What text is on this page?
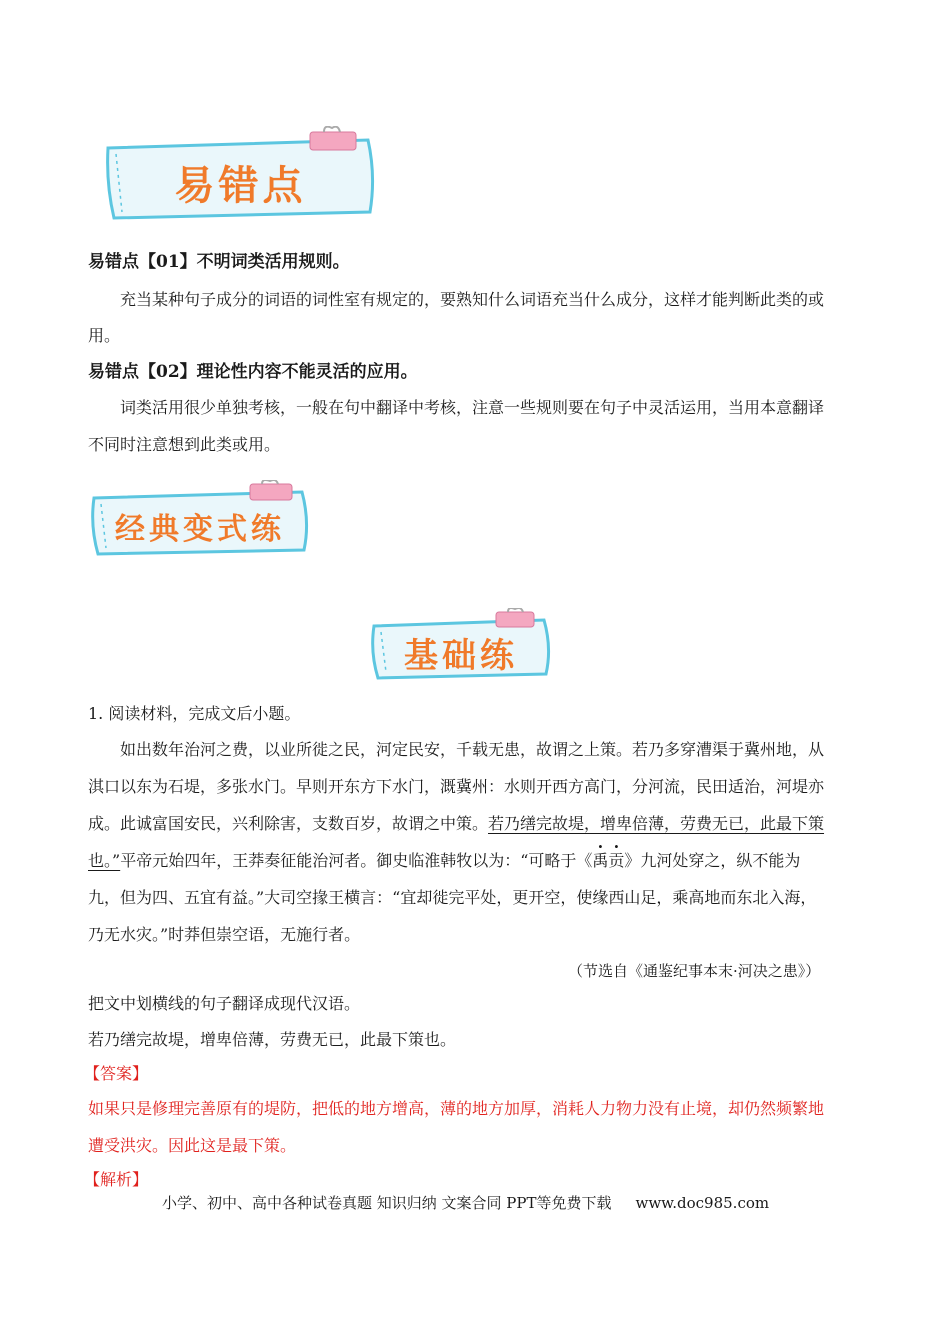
易错点
易错点【01】不明词类活用规则。
充当某种句子成分的词语的词性室有规定的，要熟知什么词语充当什么成分，这样才能判断此类的或
用。
易错点【02】理论性内容不能灵活的应用。
词类活用很少单独考核，一般在句中翻译中考核，注意一些规则要在句子中灵活运用，当用本意翻译
不同时注意想到此类或用。
经典变式练
基础练
1. 阅读材料，完成文后小题。
如出数年治河之费，以业所徙之民，河定民安，千载无患，故谓之上策。若乃多穿漕渠于冀州地，从
淇口以东为石堤，多张水门。早则开东方下水门，溉冀州：水则开西方高门，分河流，民田适治，河堤亦
成。此诚富国安民，兴利除害，支数百岁，故谓之中策。若乃缮完故堤，增卑倍薄，劳费无已，此最下策
也。”平帝元始四年，王莽奏征能治河者。御史临淮韩牧以为：“可略于《禹贡》九河处穿之，纵不能为
九，但为四、五宜有益。”大司空掾王横言：“宜却徙完平处，更开空，使缘西山足，乘高地而东北入海，
乃无水灾。”时莽但崇空语，无施行者。
（节选自《通鉴纪事本末·河决之患》）
把文中划横线的句子翻译成现代汉语。
若乃缮完故堤，增卑倍薄，劳费无已，此最下策也。
【答案】
如果只是修理完善原有的堤防，把低的地方增高，薄的地方加厚，消耗人力物力没有止境，却仍然频繁地
遭受洪灾。因此这是最下策。
【解析】
小学、初中、高中各种试卷真题 知识归纳 文案合同 PPT等免费下载 www.doc985.com
